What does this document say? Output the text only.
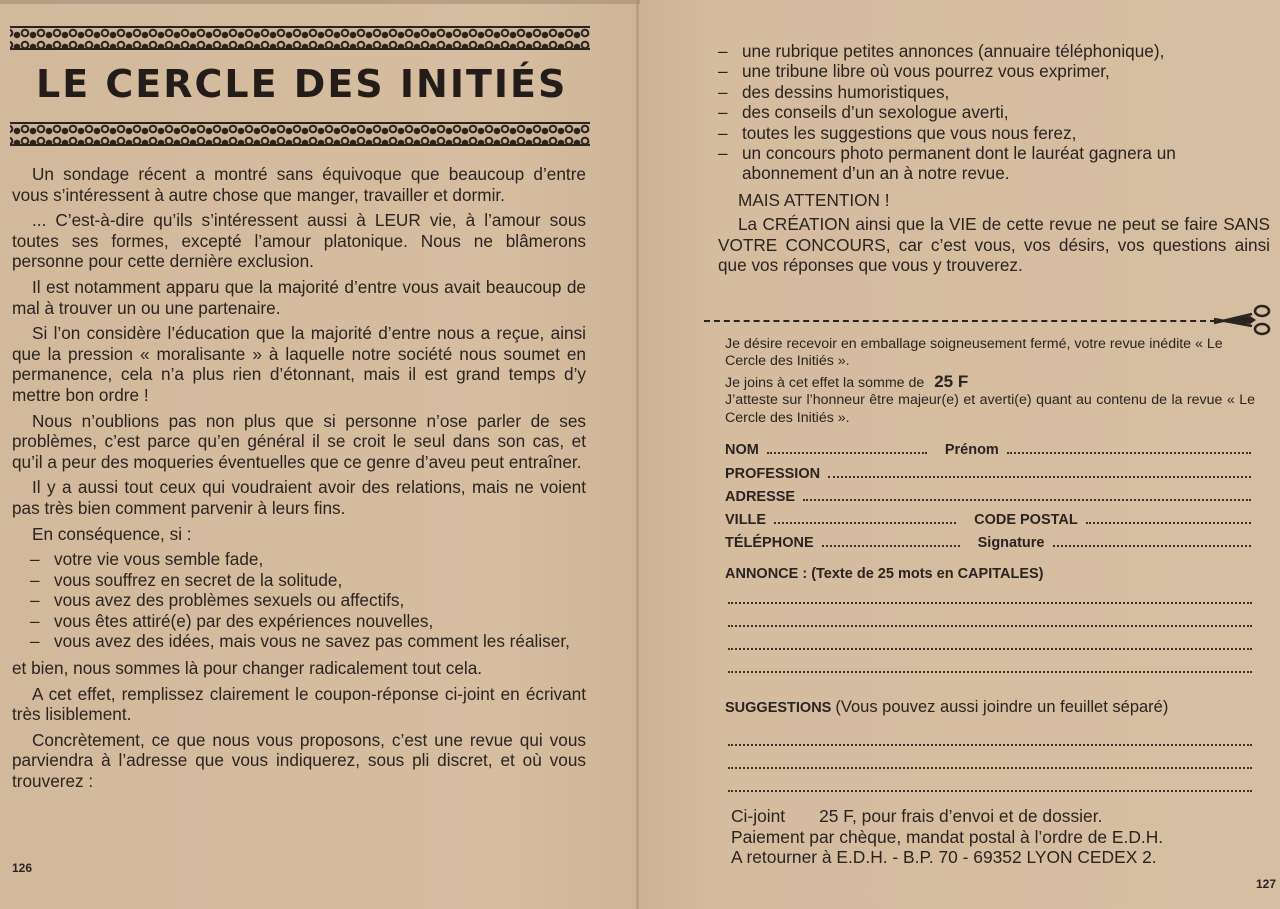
LE CERCLE DES INITIÉS

Un sondage récent a montré sans équivoque que beaucoup d’entre vous s’intéressent à autre chose que manger, travailler et dormir.

... C’est-à-dire qu’ils s’intéressent aussi à LEUR vie, à l’amour sous toutes ses formes, excepté l’amour platonique. Nous ne blâmerons personne pour cette dernière exclusion.

Il est notamment apparu que la majorité d’entre vous avait beaucoup de mal à trouver un ou une partenaire.

Si l’on considère l’éducation que la majorité d’entre nous a reçue, ainsi que la pression « moralisante » à laquelle notre société nous soumet en permanence, cela n’a plus rien d’étonnant, mais il est grand temps d’y mettre bon ordre !

Nous n’oublions pas non plus que si personne n’ose parler de ses problèmes, c’est parce qu’en général il se croit le seul dans son cas, et qu’il a peur des moqueries éventuelles que ce genre d’aveu peut entraîner.

Il y a aussi tout ceux qui voudraient avoir des relations, mais ne voient pas très bien comment parvenir à leurs fins.

En conséquence, si :

– votre vie vous semble fade,
– vous souffrez en secret de la solitude,
– vous avez des problèmes sexuels ou affectifs,
– vous êtes attiré(e) par des expériences nouvelles,
– vous avez des idées, mais vous ne savez pas comment les réaliser,

et bien, nous sommes là pour changer radicalement tout cela.

A cet effet, remplissez clairement le coupon-réponse ci-joint en écrivant très lisiblement.

Concrètement, ce que nous vous proposons, c’est une revue qui vous parviendra à l’adresse que vous indiquerez, sous pli discret, et où vous trouverez :

126
– une rubrique petites annonces (annuaire téléphonique),
– une tribune libre où vous pourrez vous exprimer,
– des dessins humoristiques,
– des conseils d’un sexologue averti,
– toutes les suggestions que vous nous ferez,
– un concours photo permanent dont le lauréat gagnera un abonnement d’un an à notre revue.

MAIS ATTENTION !

La CRÉATION ainsi que la VIE de cette revue ne peut se faire SANS VOTRE CONCOURS, car c’est vous, vos désirs, vos questions ainsi que vos réponses que vous y trouverez.

127

Je désire recevoir en emballage soigneusement fermé, votre revue inédite « Le Cercle des Initiés ».

Je joins à cet effet la somme de 25 F

J’atteste sur l’honneur être majeur(e) et averti(e) quant au contenu de la revue « Le Cercle des Initiés ».

NOM	Prénom
PROFESSION
ADRESSE
VILLE	CODE POSTAL
TÉLÉPHONE	Signature
ANNONCE : (Texte de 25 mots en CAPITALES)
SUGGESTIONS (Vous pouvez aussi joindre un feuillet séparé)
Ci-joint 25 F, pour frais d’envoi et de dossier.
Paiement par chèque, mandat postal à l’ordre de E.D.H.
A retourner à E.D.H. - B.P. 70 - 69352 LYON CEDEX 2.
